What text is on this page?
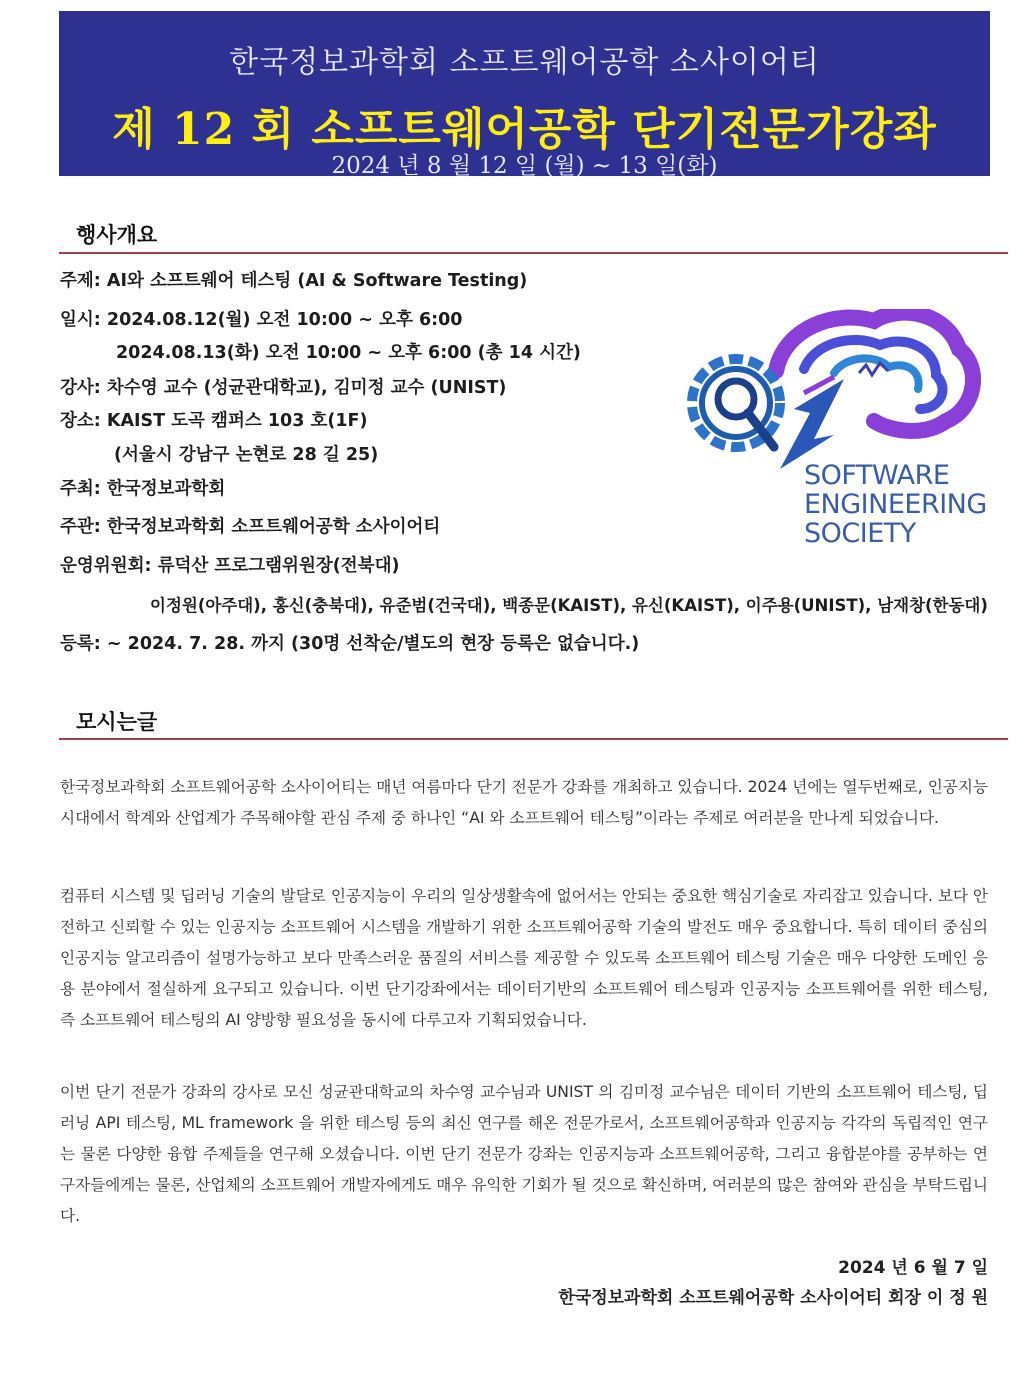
한국정보과학회 소프트웨어공학 소사이어티
제 12 회 소프트웨어공학 단기전문가강좌
2024 년 8 월 12 일 (월) ~ 13 일(화)
행사개요
주제: AI와 소프트웨어 테스팅 (AI & Software Testing)
일시: 2024.08.12(월) 오전 10:00 ~ 오후 6:00
2024.08.13(화) 오전 10:00 ~ 오후 6:00 (총 14 시간)
강사: 차수영 교수 (성균관대학교), 김미정 교수 (UNIST)
장소: KAIST 도곡 캠퍼스 103 호(1F)
(서울시 강남구 논현로 28 길 25)
주최: 한국정보과학회
주관: 한국정보과학회 소프트웨어공학 소사이어티
운영위원회: 류덕산 프로그램위원장(전북대)
이정원(아주대), 홍신(충북대), 유준범(건국대), 백종문(KAIST), 유신(KAIST), 이주용(UNIST), 남재창(한동대)
등록: ~ 2024. 7. 28. 까지 (30명 선착순/별도의 현장 등록은 없습니다.)
SOFTWARE
ENGINEERING
SOCIETY
모시는글
한국정보과학회 소프트웨어공학 소사이어티는 매년 여름마다 단기 전문가 강좌를 개최하고 있습니다. 2024 년에는 열두번째로, 인공지능시대에서 학계와 산업계가 주목해야할 관심 주제 중 하나인 “AI 와 소프트웨어 테스팅”이라는 주제로 여러분을 만나게 되었습니다.
컴퓨터 시스템 및 딥러닝 기술의 발달로 인공지능이 우리의 일상생활속에 없어서는 안되는 중요한 핵심기술로 자리잡고 있습니다. 보다 안전하고 신뢰할 수 있는 인공지능 소프트웨어 시스템을 개발하기 위한 소프트웨어공학 기술의 발전도 매우 중요합니다. 특히 데이터 중심의 인공지능 알고리즘이 설명가능하고 보다 만족스러운 품질의 서비스를 제공할 수 있도록 소프트웨어 테스팅 기술은 매우 다양한 도메인 응용 분야에서 절실하게 요구되고 있습니다. 이번 단기강좌에서는 데이터기반의 소프트웨어 테스팅과 인공지능 소프트웨어를 위한 테스팅, 즉 소프트웨어 테스팅의 AI 양방향 필요성을 동시에 다루고자 기획되었습니다.
이번 단기 전문가 강좌의 강사로 모신 성균관대학교의 차수영 교수님과 UNIST 의 김미정 교수님은 데이터 기반의 소프트웨어 테스팅, 딥러닝 API 테스팅, ML framework 을 위한 테스팅 등의 최신 연구를 해온 전문가로서, 소프트웨어공학과 인공지능 각각의 독립적인 연구는 물론 다양한 융합 주제들을 연구해 오셨습니다. 이번 단기 전문가 강좌는 인공지능과 소프트웨어공학, 그리고 융합분야를 공부하는 연구자들에게는 물론, 산업체의 소프트웨어 개발자에게도 매우 유익한 기회가 될 것으로 확신하며, 여러분의 많은 참여와 관심을 부탁드립니다.
2024 년 6 월 7 일
한국정보과학회 소프트웨어공학 소사이어티 회장 이 정 원
